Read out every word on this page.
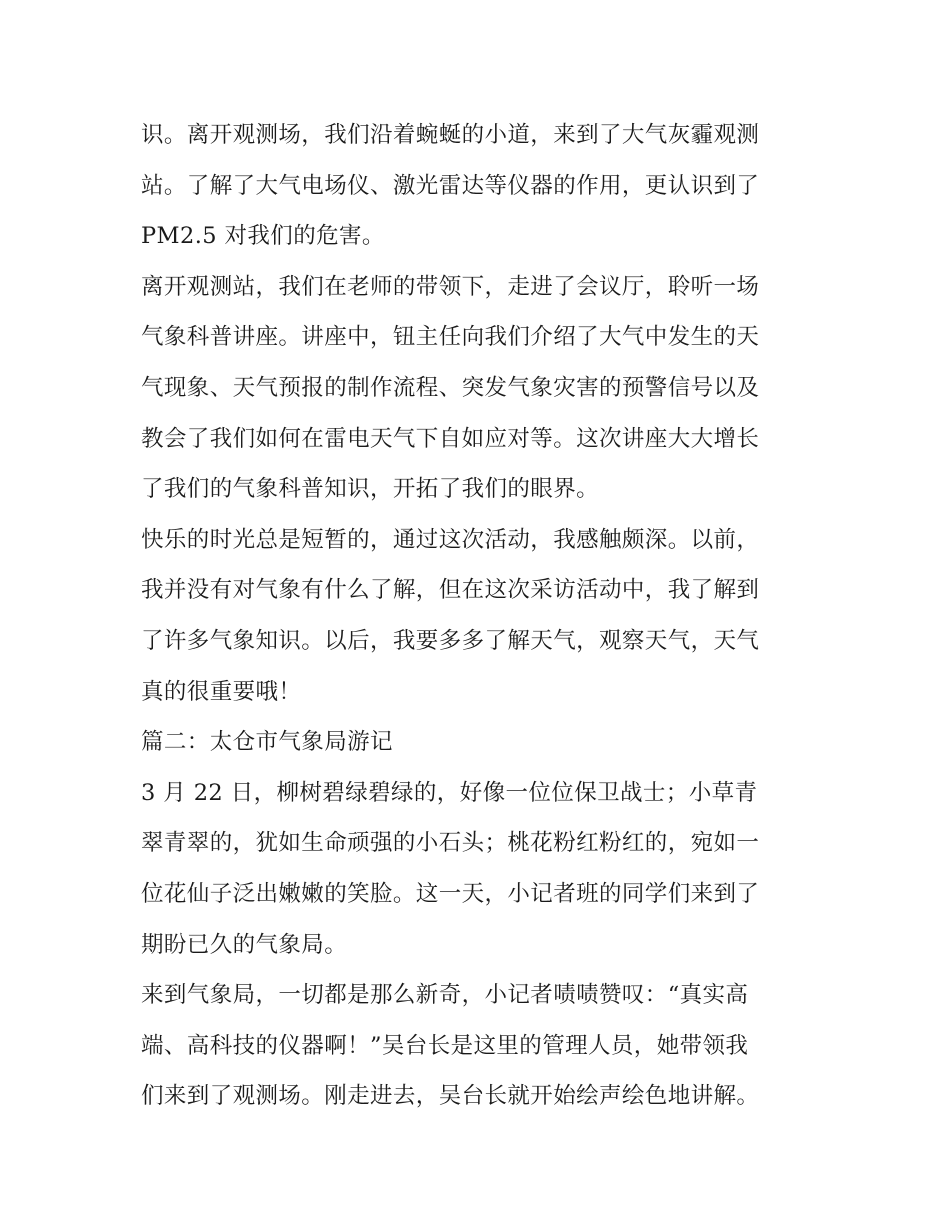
识。离开观测场，我们沿着蜿蜒的小道，来到了大气灰霾观测
站。了解了大气电场仪、激光雷达等仪器的作用，更认识到了
PM2.5 对我们的危害。
离开观测站，我们在老师的带领下，走进了会议厅，聆听一场
气象科普讲座。讲座中，钮主任向我们介绍了大气中发生的天
气现象、天气预报的制作流程、突发气象灾害的预警信号以及
教会了我们如何在雷电天气下自如应对等。这次讲座大大增长
了我们的气象科普知识，开拓了我们的眼界。
快乐的时光总是短暂的，通过这次活动，我感触颇深。以前，
我并没有对气象有什么了解，但在这次采访活动中，我了解到
了许多气象知识。以后，我要多多了解天气，观察天气，天气
真的很重要哦！
篇二：太仓市气象局游记
3 月 22 日，柳树碧绿碧绿的，好像一位位保卫战士；小草青
翠青翠的，犹如生命顽强的小石头；桃花粉红粉红的，宛如一
位花仙子泛出嫩嫩的笑脸。这一天，小记者班的同学们来到了
期盼已久的气象局。
来到气象局，一切都是那么新奇，小记者啧啧赞叹：“真实高
端、高科技的仪器啊！”吴台长是这里的管理人员，她带领我
们来到了观测场。刚走进去，吴台长就开始绘声绘色地讲解。
